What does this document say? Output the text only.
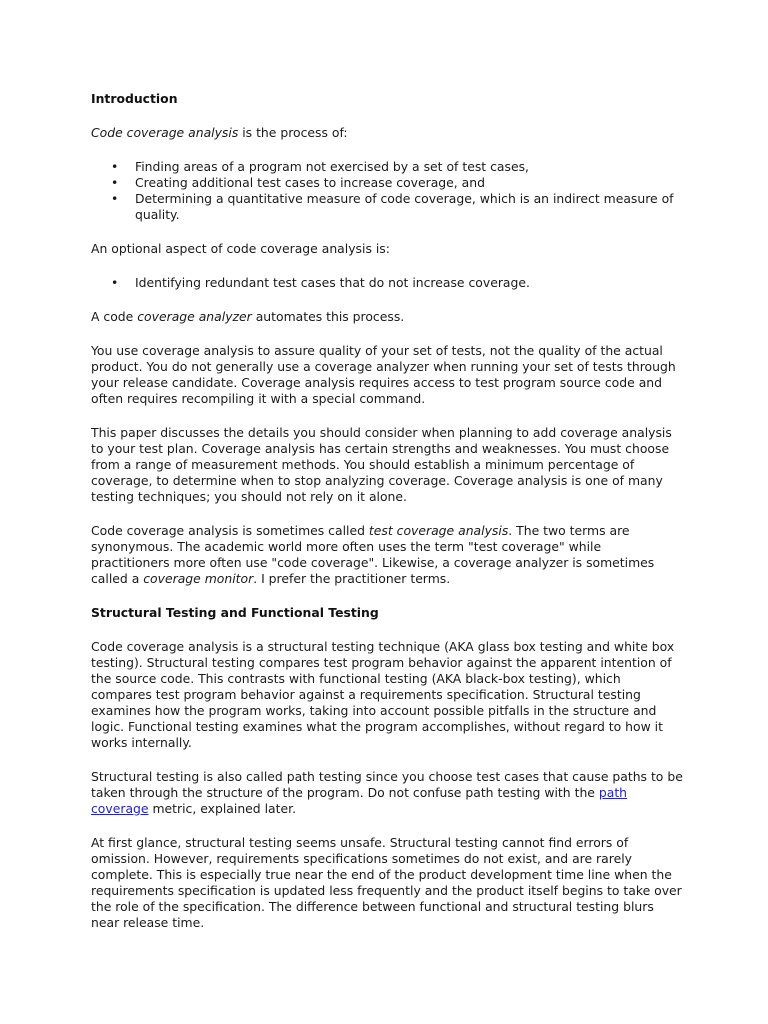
Introduction

Code coverage analysis is the process of:

• Finding areas of a program not exercised by a set of test cases,
• Creating additional test cases to increase coverage, and
• Determining a quantitative measure of code coverage, which is an indirect measure of quality.

An optional aspect of code coverage analysis is:

• Identifying redundant test cases that do not increase coverage.

A code coverage analyzer automates this process.

You use coverage analysis to assure quality of your set of tests, not the quality of the actual product. You do not generally use a coverage analyzer when running your set of tests through your release candidate. Coverage analysis requires access to test program source code and often requires recompiling it with a special command.

This paper discusses the details you should consider when planning to add coverage analysis to your test plan. Coverage analysis has certain strengths and weaknesses. You must choose from a range of measurement methods. You should establish a minimum percentage of coverage, to determine when to stop analyzing coverage. Coverage analysis is one of many testing techniques; you should not rely on it alone.

Code coverage analysis is sometimes called test coverage analysis. The two terms are synonymous. The academic world more often uses the term "test coverage" while practitioners more often use "code coverage". Likewise, a coverage analyzer is sometimes called a coverage monitor. I prefer the practitioner terms.

Structural Testing and Functional Testing

Code coverage analysis is a structural testing technique (AKA glass box testing and white box testing). Structural testing compares test program behavior against the apparent intention of the source code. This contrasts with functional testing (AKA black-box testing), which compares test program behavior against a requirements specification. Structural testing examines how the program works, taking into account possible pitfalls in the structure and logic. Functional testing examines what the program accomplishes, without regard to how it works internally.

Structural testing is also called path testing since you choose test cases that cause paths to be taken through the structure of the program. Do not confuse path testing with the path coverage metric, explained later.

At first glance, structural testing seems unsafe. Structural testing cannot find errors of omission. However, requirements specifications sometimes do not exist, and are rarely complete. This is especially true near the end of the product development time line when the requirements specification is updated less frequently and the product itself begins to take over the role of the specification. The difference between functional and structural testing blurs near release time.
